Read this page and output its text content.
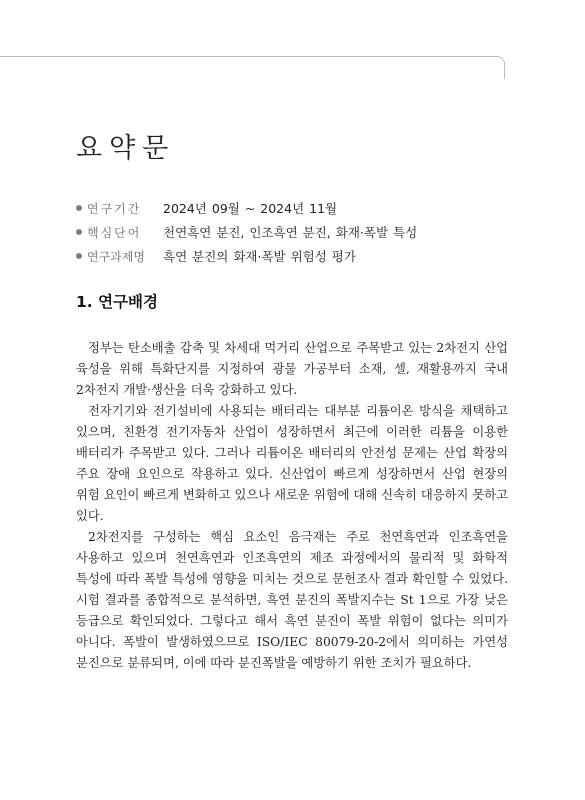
요약문
연구기간	2024년 09월 ~ 2024년 11월
핵심단어	천연흑연 분진, 인조흑연 분진, 화재·폭발 특성
연구과제명	흑연 분진의 화재·폭발 위험성 평가
1. 연구배경

정부는 탄소배출 감축 및 차세대 먹거리 산업으로 주목받고 있는 2차전지 산업 육성을 위해 특화단지를 지정하여 광물 가공부터 소재, 셀, 재활용까지 국내 2차전지 개발·생산을 더욱 강화하고 있다.

전자기기와 전기설비에 사용되는 배터리는 대부분 리튬이온 방식을 채택하고 있으며, 친환경 전기자동차 산업이 성장하면서 최근에 이러한 리튬을 이용한 배터리가 주목받고 있다. 그러나 리튬이온 배터리의 안전성 문제는 산업 확장의 주요 장애 요인으로 작용하고 있다. 신산업이 빠르게 성장하면서 산업 현장의 위험 요인이 빠르게 변화하고 있으나 새로운 위험에 대해 신속히 대응하지 못하고 있다.

2차전지를 구성하는 핵심 요소인 음극재는 주로 천연흑연과 인조흑연을 사용하고 있으며 천연흑연과 인조흑연의 제조 과정에서의 물리적 및 화학적 특성에 따라 폭발 특성에 영향을 미치는 것으로 문헌조사 결과 확인할 수 있었다. 시험 결과를 종합적으로 분석하면, 흑연 분진의 폭발지수는 St 1으로 가장 낮은 등급으로 확인되었다. 그렇다고 해서 흑연 분진이 폭발 위험이 없다는 의미가 아니다. 폭발이 발생하였으므로 ISO/IEC 80079-20-2에서 의미하는 가연성 분진으로 분류되며, 이에 따라 분진폭발을 예방하기 위한 조치가 필요하다.
